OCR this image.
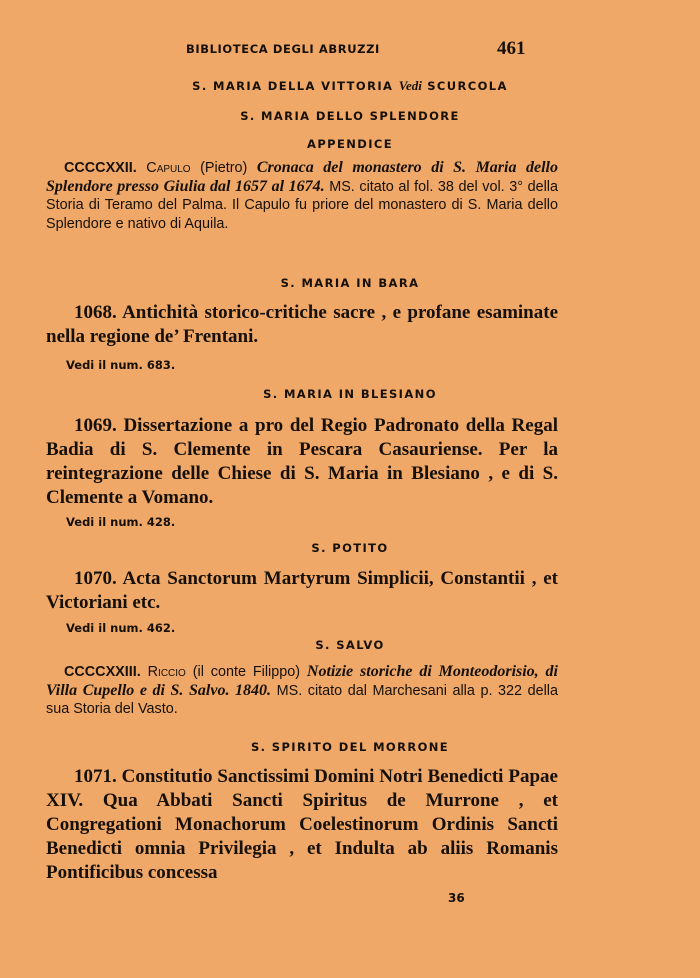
BIBLIOTECA DEGLI ABRUZZI	461
S. MARIA DELLA VITTORIA Vedi SCURCOLA
S. MARIA DELLO SPLENDORE
APPENDICE
CCCCXXII. Capulo (Pietro) Cronaca del monastero di S. Maria dello Splendore presso Giulia dal 1657 al 1674. MS. citato al fol. 38 del vol. 3° della Storia di Teramo del Palma. Il Capulo fu priore del monastero di S. Maria dello Splendore e nativo di Aquila.
S. MARIA IN BARA
1068. Antichità storico-critiche sacre , e profane esaminate nella regione de’ Frentani.
Vedi il num. 683.
S. MARIA IN BLESIANO
1069. Dissertazione a pro del Regio Padronato della Regal Badia di S. Clemente in Pescara Casauriense. Per la reintegrazione delle Chiese di S. Maria in Blesiano , e di S. Clemente a Vomano.
Vedi il num. 428.
S. POTITO
1070. Acta Sanctorum Martyrum Simplicii, Constantii , et Victoriani etc.
Vedi il num. 462.
S. SALVO
CCCCXXIII. Riccio (il conte Filippo) Notizie storiche di Monteodorisio, di Villa Cupello e di S. Salvo. 1840. MS. citato dal Marchesani alla p. 322 della sua Storia del Vasto.
S. SPIRITO DEL MORRONE
1071. Constitutio Sanctissimi Domini Notri Benedicti Papae XIV. Qua Abbati Sancti Spiritus de Murrone , et Congregationi Monachorum Coelestinorum Ordinis Sancti Benedicti omnia Privilegia , et Indulta ab aliis Romanis Pontificibus concessa
36
